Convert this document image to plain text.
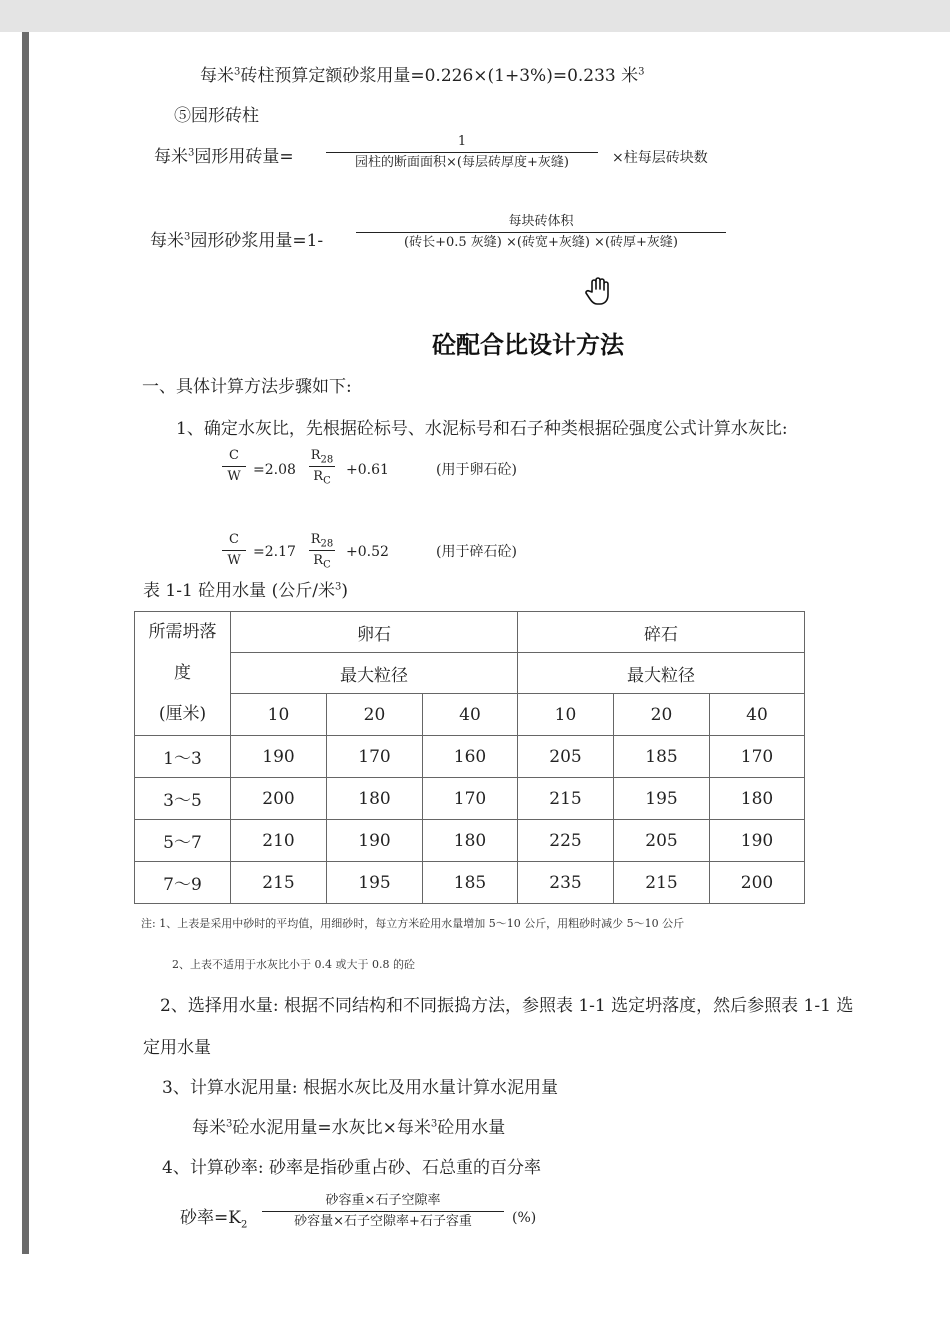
每米$^3$砖柱预算定额砂浆用量=0.226×(1+3%)=0.233 米$^3$
⑤园形砖柱
每米$^3$园形用砖量=
1
园柱的断面面积×(每层砖厚度+灰缝)	×柱每层砖块数
每米$^3$园形砂浆用量=1-
每块砖体积
(砖长+0.5 灰缝) ×(砖宽+灰缝) ×(砖厚+灰缝)
砼配合比设计方法
一、具体计算方法步骤如下:
1、确定水灰比，先根据砼标号、水泥标号和石子种类根据砼强度公式计算水灰比:
C
W =2.08
$R_{28}$
$R_C$
+0.61	(用于卵石砼)
C
W
=2.17
$R_{28}$
$R_C$
+0.52	(用于碎石砼)
表 1-1 砼用水量 (公斤/米$^3$)
所需坍落
度
(厘米)	卵石			碎石		
	最大粒径			最大粒径		
	10	20	40	10	20	40
1～3	190	170	160	205	185	170
3～5	200	180	170	215	195	180
5～7	210	190	180	225	205	190
7～9	215	195	185	235	215	200
注: 1、上表是采用中砂时的平均值，用细砂时，每立方米砼用水量增加 5～10 公斤，用粗砂时减少 5～10 公斤
2、上表不适用于水灰比小于 0.4 或大于 0.8 的砼
2、选择用水量: 根据不同结构和不同振捣方法，参照表 1-1 选定坍落度，然后参照表 1-1 选
定用水量
3、计算水泥用量: 根据水灰比及用水量计算水泥用量
每米$^3$砼水泥用量=水灰比×每米$^3$砼用水量
4、计算砂率: 砂率是指砂重占砂、石总重的百分率
砂率$=K_2$
砂容重×石子空隙率
砂容量×石子空隙率+石子容重	(%)
